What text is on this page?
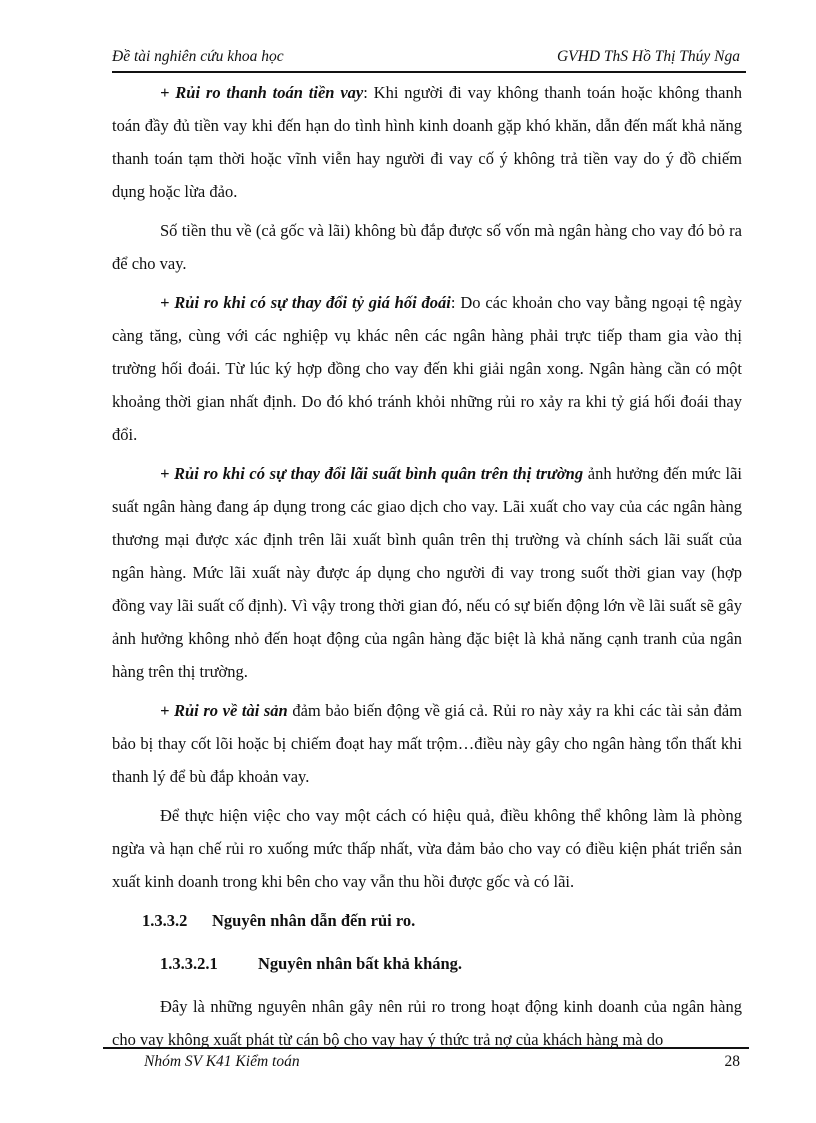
Đề tài nghiên cứu khoa học	GVHD ThS Hồ Thị Thúy Nga

+ Rủi ro thanh toán tiền vay: Khi người đi vay không thanh toán hoặc không thanh toán đầy đủ tiền vay khi đến hạn do tình hình kinh doanh gặp khó khăn, dẫn đến mất khả năng thanh toán tạm thời hoặc vĩnh viễn hay người đi vay cố ý không trả tiền vay do ý đồ chiếm dụng hoặc lừa đảo.

Số tiền thu về (cả gốc và lãi) không bù đắp được số vốn mà ngân hàng cho vay đó bỏ ra để cho vay.

+ Rủi ro khi có sự thay đổi tỷ giá hối đoái: Do các khoản cho vay bằng ngoại tệ ngày càng tăng, cùng với các nghiệp vụ khác nên các ngân hàng phải trực tiếp tham gia vào thị trường hối đoái. Từ lúc ký hợp đồng cho vay đến khi giải ngân xong. Ngân hàng cần có một khoảng thời gian nhất định. Do đó khó tránh khỏi những rủi ro xảy ra khi tỷ giá hối đoái thay đổi.

+ Rủi ro khi có sự thay đổi lãi suất bình quân trên thị trường ảnh hưởng đến mức lãi suất ngân hàng đang áp dụng trong các giao dịch cho vay. Lãi xuất cho vay của các ngân hàng thương mại được xác định trên lãi xuất bình quân trên thị trường và chính sách lãi suất của ngân hàng. Mức lãi xuất này được áp dụng cho người đi vay trong suốt thời gian vay (hợp đồng vay lãi suất cố định). Vì vậy trong thời gian đó, nếu có sự biến động lớn về lãi suất sẽ gây ảnh hưởng không nhỏ đến hoạt động của ngân hàng đặc biệt là khả năng cạnh tranh của ngân hàng trên thị trường.

+ Rủi ro về tài sản đảm bảo biến động về giá cả. Rủi ro này xảy ra khi các tài sản đảm bảo bị thay cốt lõi hoặc bị chiếm đoạt hay mất trộm…điều này gây cho ngân hàng tổn thất khi thanh lý để bù đắp khoản vay.

Để thực hiện việc cho vay một cách có hiệu quả, điều không thể không làm là phòng ngừa và hạn chế rủi ro xuống mức thấp nhất, vừa đảm bảo cho vay có điều kiện phát triển sản xuất kinh doanh trong khi bên cho vay vẫn thu hồi được gốc và có lãi.

1.3.3.2 Nguyên nhân dẫn đến rủi ro.
1.3.3.2.1 Nguyên nhân bất khả kháng.

Đây là những nguyên nhân gây nên rủi ro trong hoạt động kinh doanh của ngân hàng cho vay không xuất phát từ cán bộ cho vay hay ý thức trả nợ của khách hàng mà do

Nhóm SV K41 Kiểm toán	28
